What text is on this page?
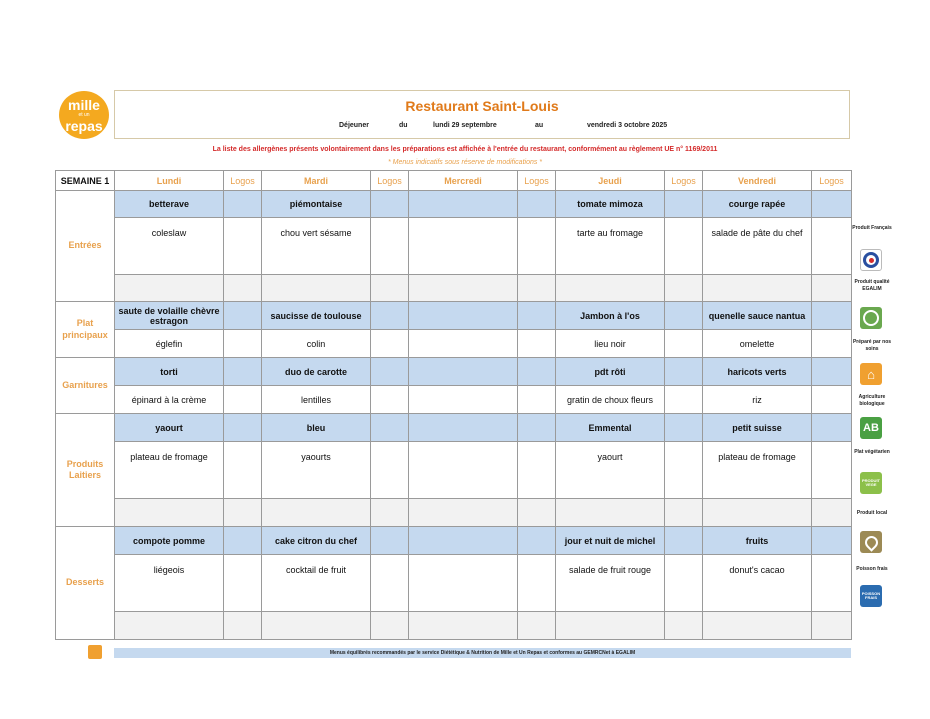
mille
et un
repas
Restaurant Saint-Louis
Déjeuner	du	lundi 29 septembre	au	vendredi 3 octobre 2025
La liste des allergènes présents volontairement dans les préparations est affichée à l'entrée du restaurant, conformément au règlement UE n° 1169/2011
* Menus indicatifs sous réserve de modifications *
SEMAINE 1	Lundi	Logos	Mardi	Logos	Mercredi	Logos	Jeudi	Logos	Vendredi	Logos
Entrées	betterave		piémontaise				tomate mimoza		courge rapée	
	coleslaw		chou vert sésame				tarte au fromage		salade de pâte du chef	

Plat principaux	saute de volaille chèvre estragon		saucisse de toulouse				Jambon à l'os		quenelle sauce nantua	
	églefin		colin				lieu noir		omelette	
Garnitures	torti		duo de carotte				pdt rôti		haricots verts	
	épinard à la crème		lentilles				gratin de choux fleurs		riz	
Produits Laitiers	yaourt		bleu				Emmental		petit suisse	
	plateau de fromage		yaourts				yaourt		plateau de fromage	

Desserts	compote pomme		cake citron du chef				jour et nuit de michel		fruits	
	liégeois		cocktail de fruit				salade de fruit rouge		donut's cacao	

Produit Français
Produit qualité EGALIM
Préparé par nos soins
⌂
Agriculture biologique
AB
Plat végétarien
PRODUIT VEGE
Produit local
Poisson frais
POISSON FRAIS
Menus équilibrés recommandés par le service Diététique & Nutrition de Mille et Un Repas et conformes au GEMRCNet à EGALIM
